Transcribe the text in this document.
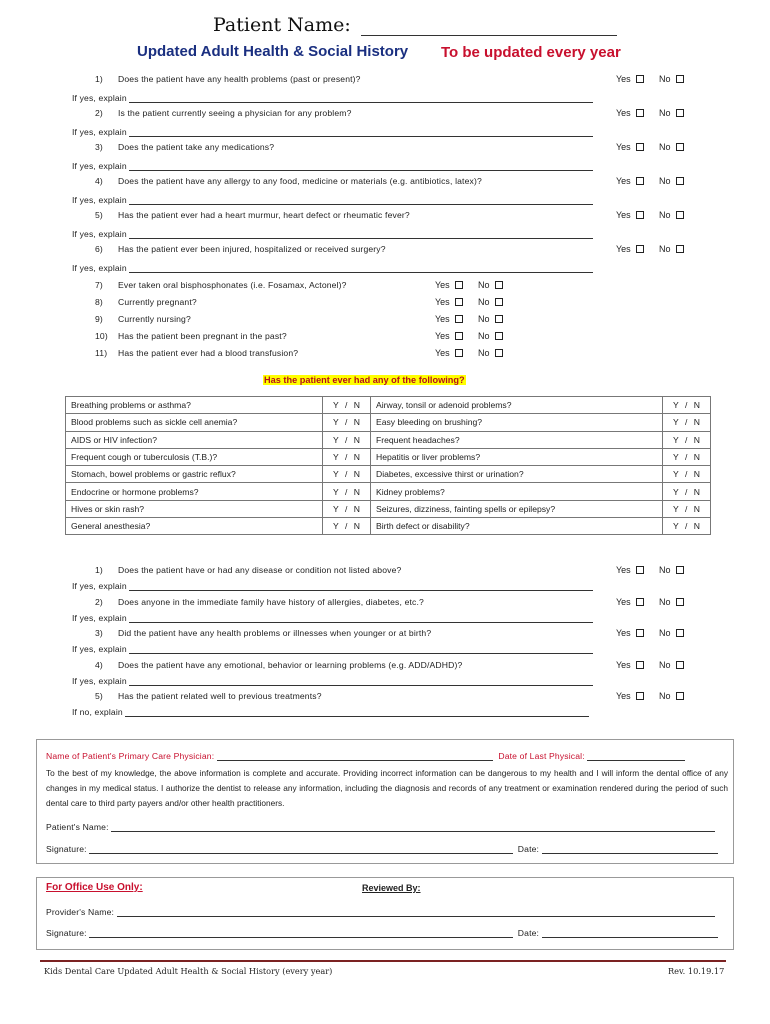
Patient Name:
Updated Adult Health & Social History To be updated every year
1) Does the patient have any health problems (past or present)?	Yes	No
If yes, explain
2) Is the patient currently seeing a physician for any problem?	Yes	No
If yes, explain
3) Does the patient take any medications?	Yes	No
If yes, explain
4) Does the patient have any allergy to any food, medicine or materials (e.g. antibiotics, latex)?	Yes	No
If yes, explain
5) Has the patient ever had a heart murmur, heart defect or rheumatic fever?	Yes	No
If yes, explain
6) Has the patient ever been injured, hospitalized or received surgery?	Yes	No
If yes, explain
7) Ever taken oral bisphosphonates (i.e. Fosamax, Actonel)?	Yes	No
8) Currently pregnant?	Yes	No
9) Currently nursing?	Yes	No
10) Has the patient been pregnant in the past?	Yes	No
11) Has the patient ever had a blood transfusion?	Yes	No
Has the patient ever had any of the following?
Breathing problems or asthma?	Y / N	Airway, tonsil or adenoid problems?	Y / N
Blood problems such as sickle cell anemia?	Y / N	Easy bleeding on brushing?	Y / N
AIDS or HIV infection?	Y / N	Frequent headaches?	Y / N
Frequent cough or tuberculosis (T.B.)?	Y / N	Hepatitis or liver problems?	Y / N
Stomach, bowel problems or gastric reflux?	Y / N	Diabetes, excessive thirst or urination?	Y / N
Endocrine or hormone problems?	Y / N	Kidney problems?	Y / N
Hives or skin rash?	Y / N	Seizures, dizziness, fainting spells or epilepsy?	Y / N
General anesthesia?	Y / N	Birth defect or disability?	Y / N
1) Does the patient have or had any disease or condition not listed above?	Yes	No
If yes, explain
2) Does anyone in the immediate family have history of allergies, diabetes, etc.?	Yes	No
If yes, explain
3) Did the patient have any health problems or illnesses when younger or at birth?	Yes	No
If yes, explain
4) Does the patient have any emotional, behavior or learning problems (e.g. ADD/ADHD)?	Yes	No
If yes, explain
5) Has the patient related well to previous treatments?	Yes	No
If no, explain
Name of Patient's Primary Care Physician:	Date of Last Physical:
To the best of my knowledge, the above information is complete and accurate. Providing incorrect information can be dangerous to my health and I will inform the dental office of any changes in my medical status. I authorize the dentist to release any information, including the diagnosis and records of any treatment or examination rendered during the period of such dental care to third party payers and/or other health practitioners.
Patient's Name:
Signature:	Date:
For Office Use Only:	Reviewed By:
Provider's Name:
Signature:	Date:
Kids Dental Care Updated Adult Health & Social History (every year)	Rev. 10.19.17
